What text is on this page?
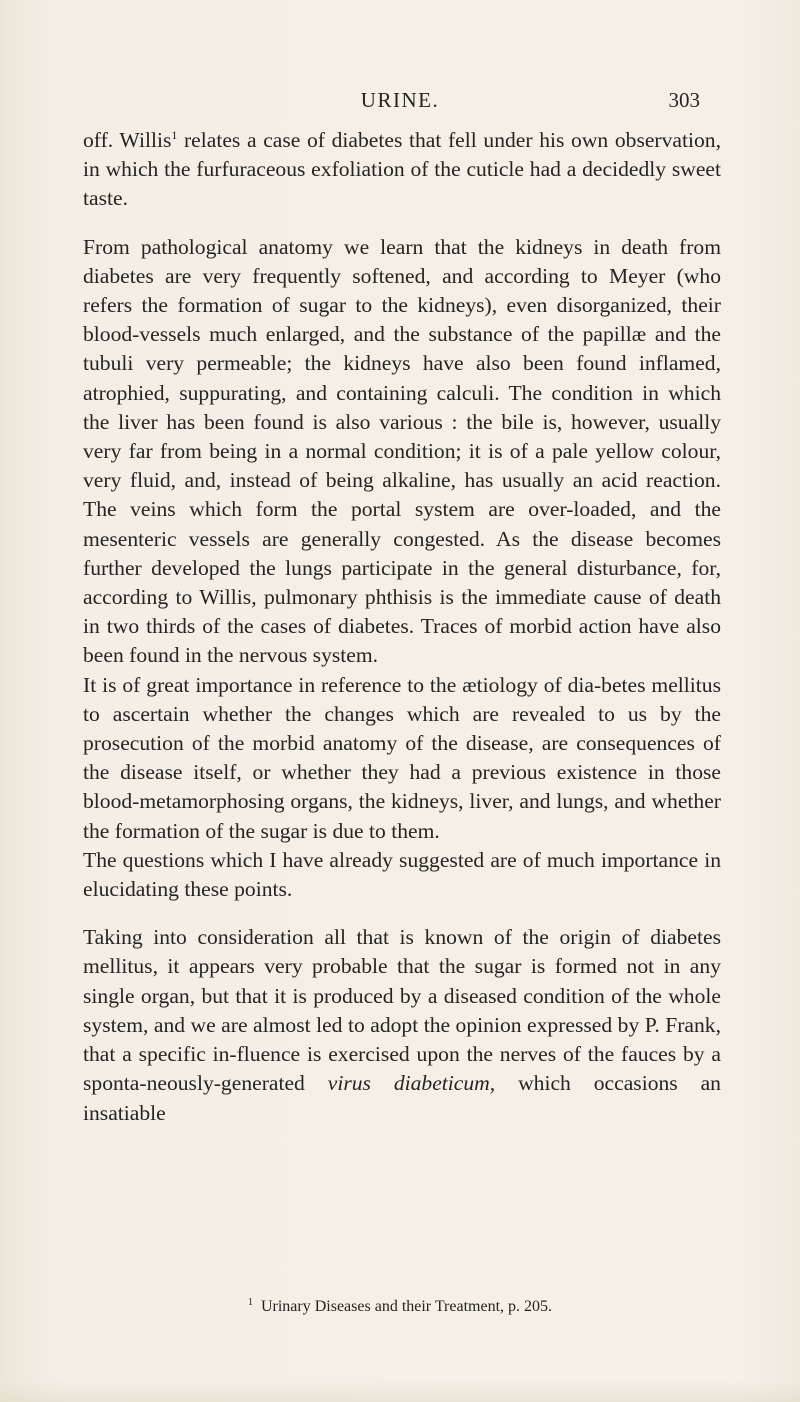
URINE.	303

off. Willis$^1$ relates a case of diabetes that fell under his own observation, in which the furfuraceous exfoliation of the cuticle had a decidedly sweet taste.

From pathological anatomy we learn that the kidneys in death from diabetes are very frequently softened, and according to Meyer (who refers the formation of sugar to the kidneys), even disorganized, their blood-vessels much enlarged, and the substance of the papillæ and the tubuli very permeable; the kidneys have also been found inflamed, atrophied, suppurating, and containing calculi. The condition in which the liver has been found is also various : the bile is, however, usually very far from being in a normal condition; it is of a pale yellow colour, very fluid, and, instead of being alkaline, has usually an acid reaction. The veins which form the portal system are over-loaded, and the mesenteric vessels are generally congested. As the disease becomes further developed the lungs participate in the general disturbance, for, according to Willis, pulmonary phthisis is the immediate cause of death in two thirds of the cases of diabetes. Traces of morbid action have also been found in the nervous system.

It is of great importance in reference to the ætiology of dia-betes mellitus to ascertain whether the changes which are revealed to us by the prosecution of the morbid anatomy of the disease, are consequences of the disease itself, or whether they had a previous existence in those blood-metamorphosing organs, the kidneys, liver, and lungs, and whether the formation of the sugar is due to them.

The questions which I have already suggested are of much importance in elucidating these points.

Taking into consideration all that is known of the origin of diabetes mellitus, it appears very probable that the sugar is formed not in any single organ, but that it is produced by a diseased condition of the whole system, and we are almost led to adopt the opinion expressed by P. Frank, that a specific in-fluence is exercised upon the nerves of the fauces by a sponta-neously-generated virus diabeticum, which occasions an insatiable

$^1$ Urinary Diseases and their Treatment, p. 205.
